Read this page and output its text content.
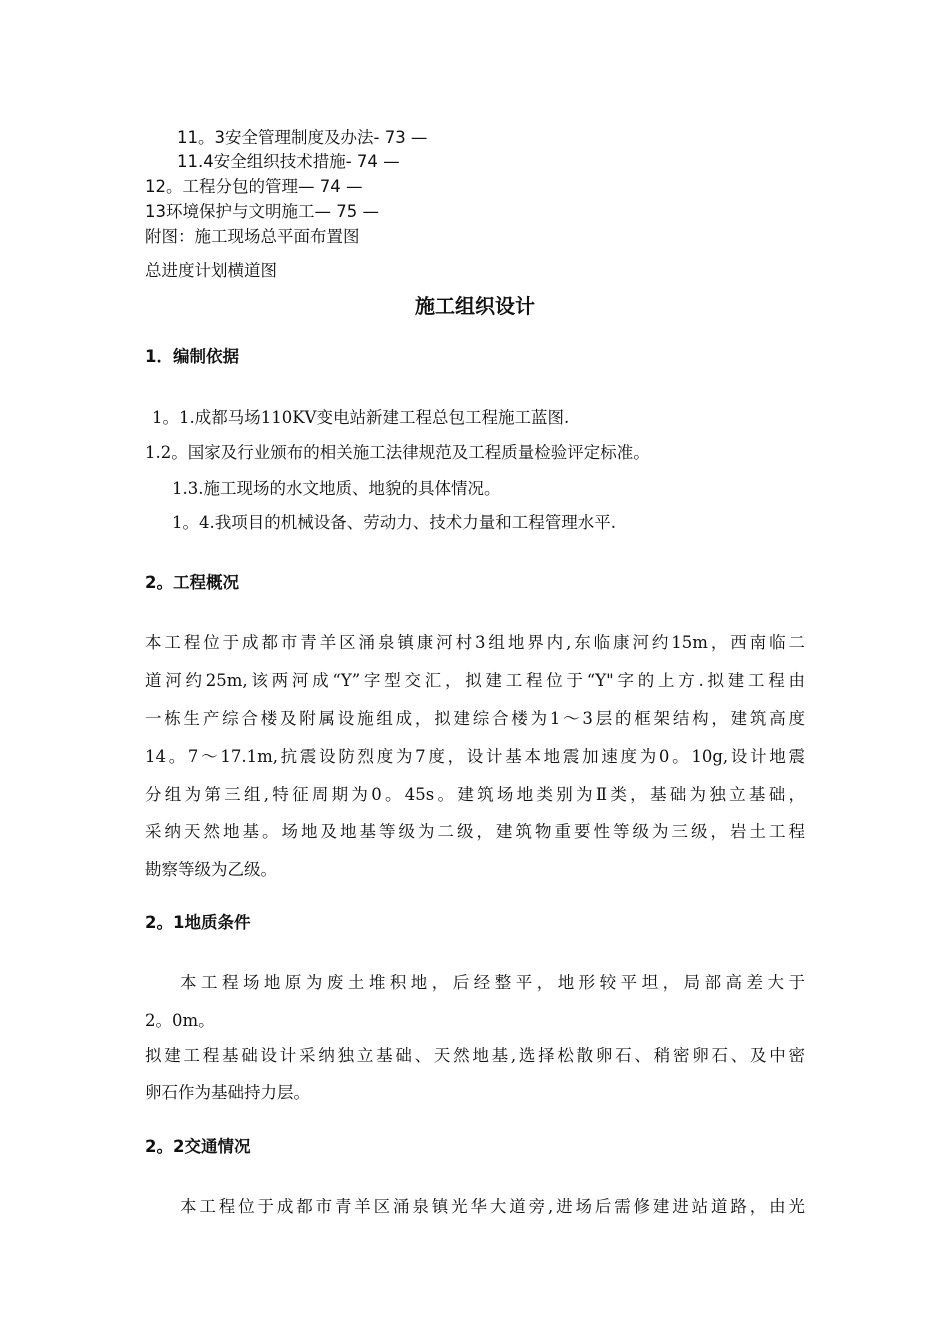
11。3安全管理制度及办法- 73 —
11.4安全组织技术措施- 74 —
12。工程分包的管理— 74 —
13环境保护与文明施工— 75 —
附图：施工现场总平面布置图
总进度计划横道图
施工组织设计
1．编制依据
1。1.成都马场110KV变电站新建工程总包工程施工蓝图.
1.2。国家及行业颁布的相关施工法律规范及工程质量检验评定标准。
1.3.施工现场的水文地质、地貌的具体情况。
1。4.我项目的机械设备、劳动力、技术力量和工程管理水平.
2。工程概况
本工程位于成都市青羊区涌泉镇康河村3组地界内,东临康河约15m，西南临二
道河约25m,该两河成“Y”字型交汇，拟建工程位于“Y"字的上方.拟建工程由
一栋生产综合楼及附属设施组成，拟建综合楼为1～3层的框架结构，建筑高度
14。7～17.1m,抗震设防烈度为7度，设计基本地震加速度为0。10g,设计地震
分组为第三组,特征周期为0。45s。建筑场地类别为Ⅱ类，基础为独立基础，
采纳天然地基。场地及地基等级为二级，建筑物重要性等级为三级，岩土工程
勘察等级为乙级。
2。1地质条件
本工程场地原为废土堆积地，后经整平，地形较平坦，局部高差大于
2。0m。
拟建工程基础设计采纳独立基础、天然地基,选择松散卵石、稍密卵石、及中密
卵石作为基础持力层。
2。2交通情况
本工程位于成都市青羊区涌泉镇光华大道旁,进场后需修建进站道路，由光
